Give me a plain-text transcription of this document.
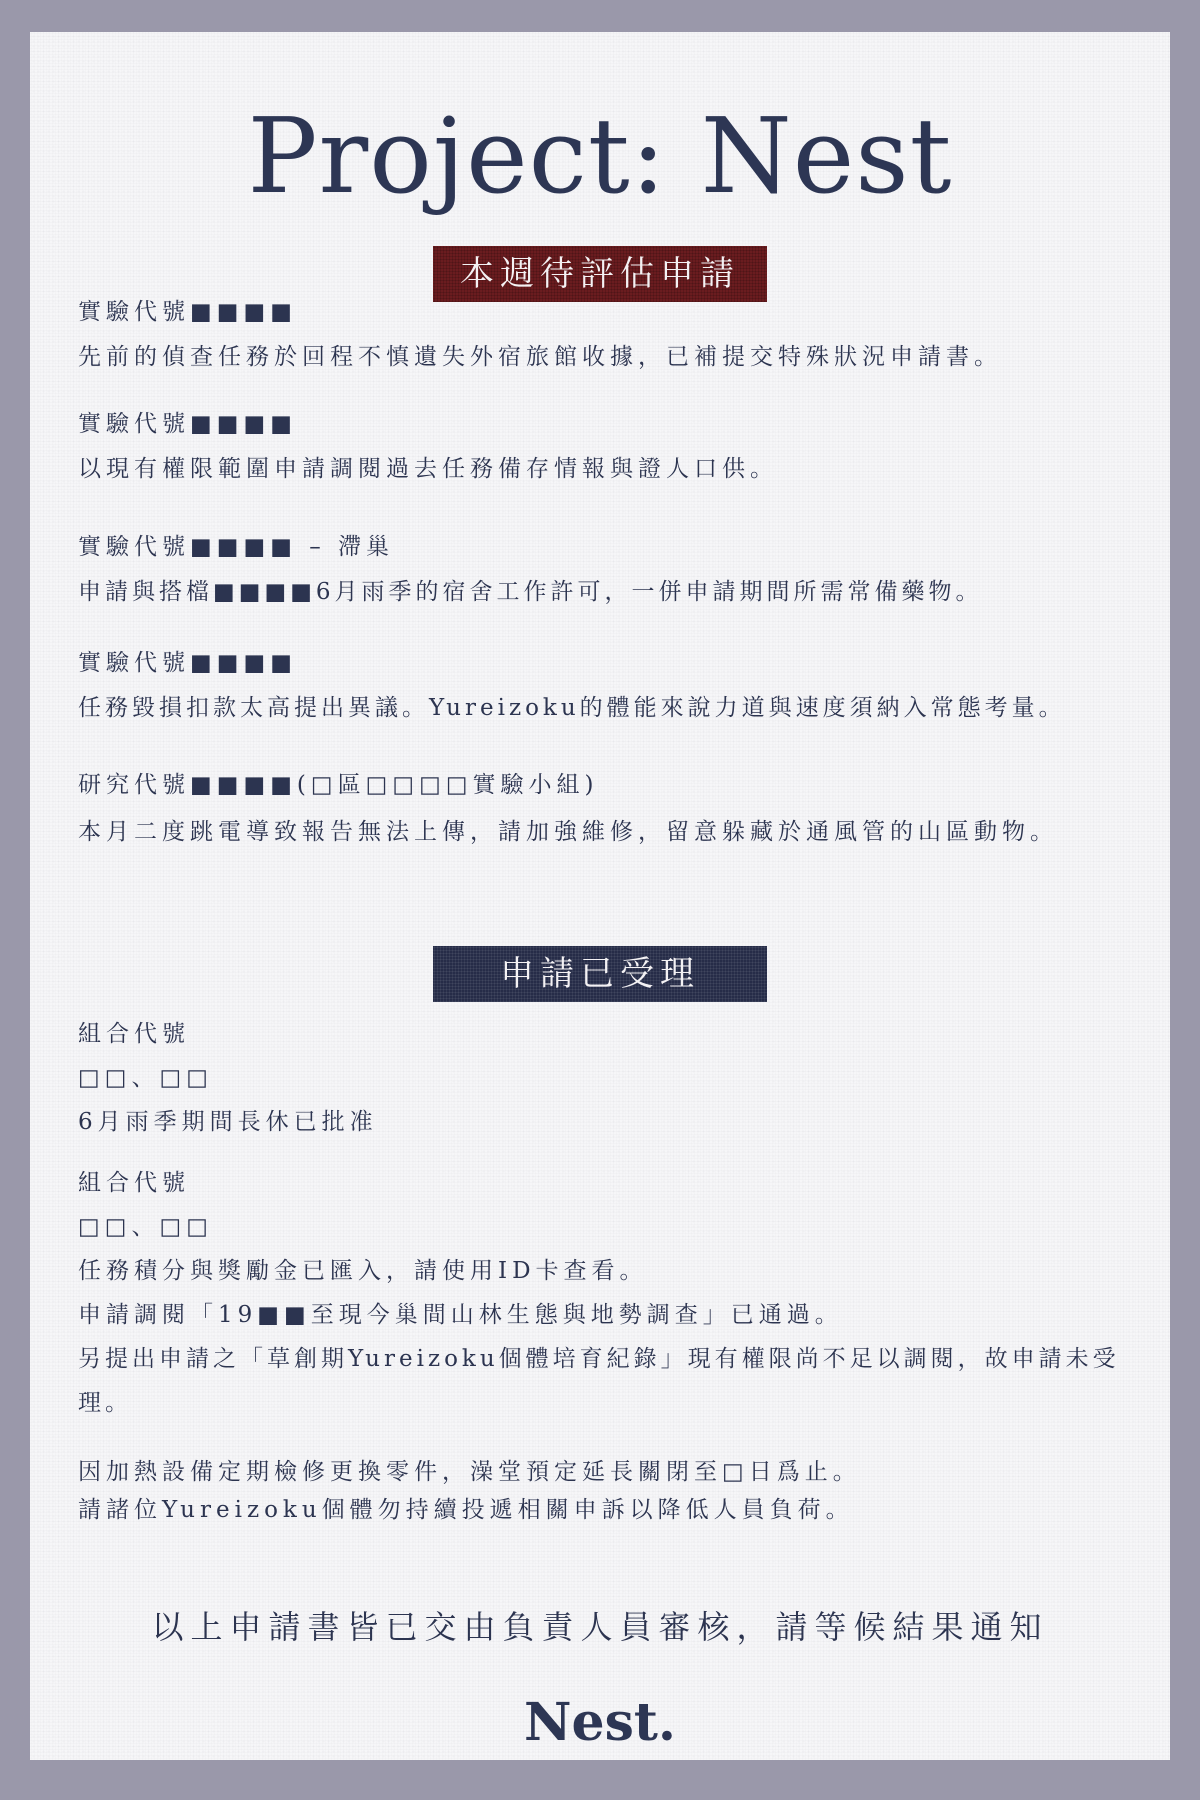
Project: Nest
本週待評估申請
實驗代號■■■■
先前的偵查任務於回程不慎遺失外宿旅館收據，已補提交特殊狀況申請書。
實驗代號■■■■
以現有權限範圍申請調閱過去任務備存情報與證人口供。
實驗代號■■■■ – 滯巢
申請與搭檔■■■■6月雨季的宿舍工作許可，一併申請期間所需常備藥物。
實驗代號■■■■
任務毀損扣款太高提出異議。Yureizoku的體能來說力道與速度須納入常態考量。
研究代號■■■■(□區□□□□實驗小組)
本月二度跳電導致報告無法上傳，請加強維修，留意躲藏於通風管的山區動物。
申請已受理
組合代號
□□、□□
6月雨季期間長休已批准
組合代號
□□、□□
任務積分與獎勵金已匯入，請使用ID卡查看。
申請調閱「19■■至現今巢間山林生態與地勢調查」已通過。
另提出申請之「草創期Yureizoku個體培育紀錄」現有權限尚不足以調閱，故申請未受理。
因加熱設備定期檢修更換零件，澡堂預定延長關閉至□日爲止。
請諸位Yureizoku個體勿持續投遞相關申訴以降低人員負荷。
以上申請書皆已交由負責人員審核，請等候結果通知
Nest.
